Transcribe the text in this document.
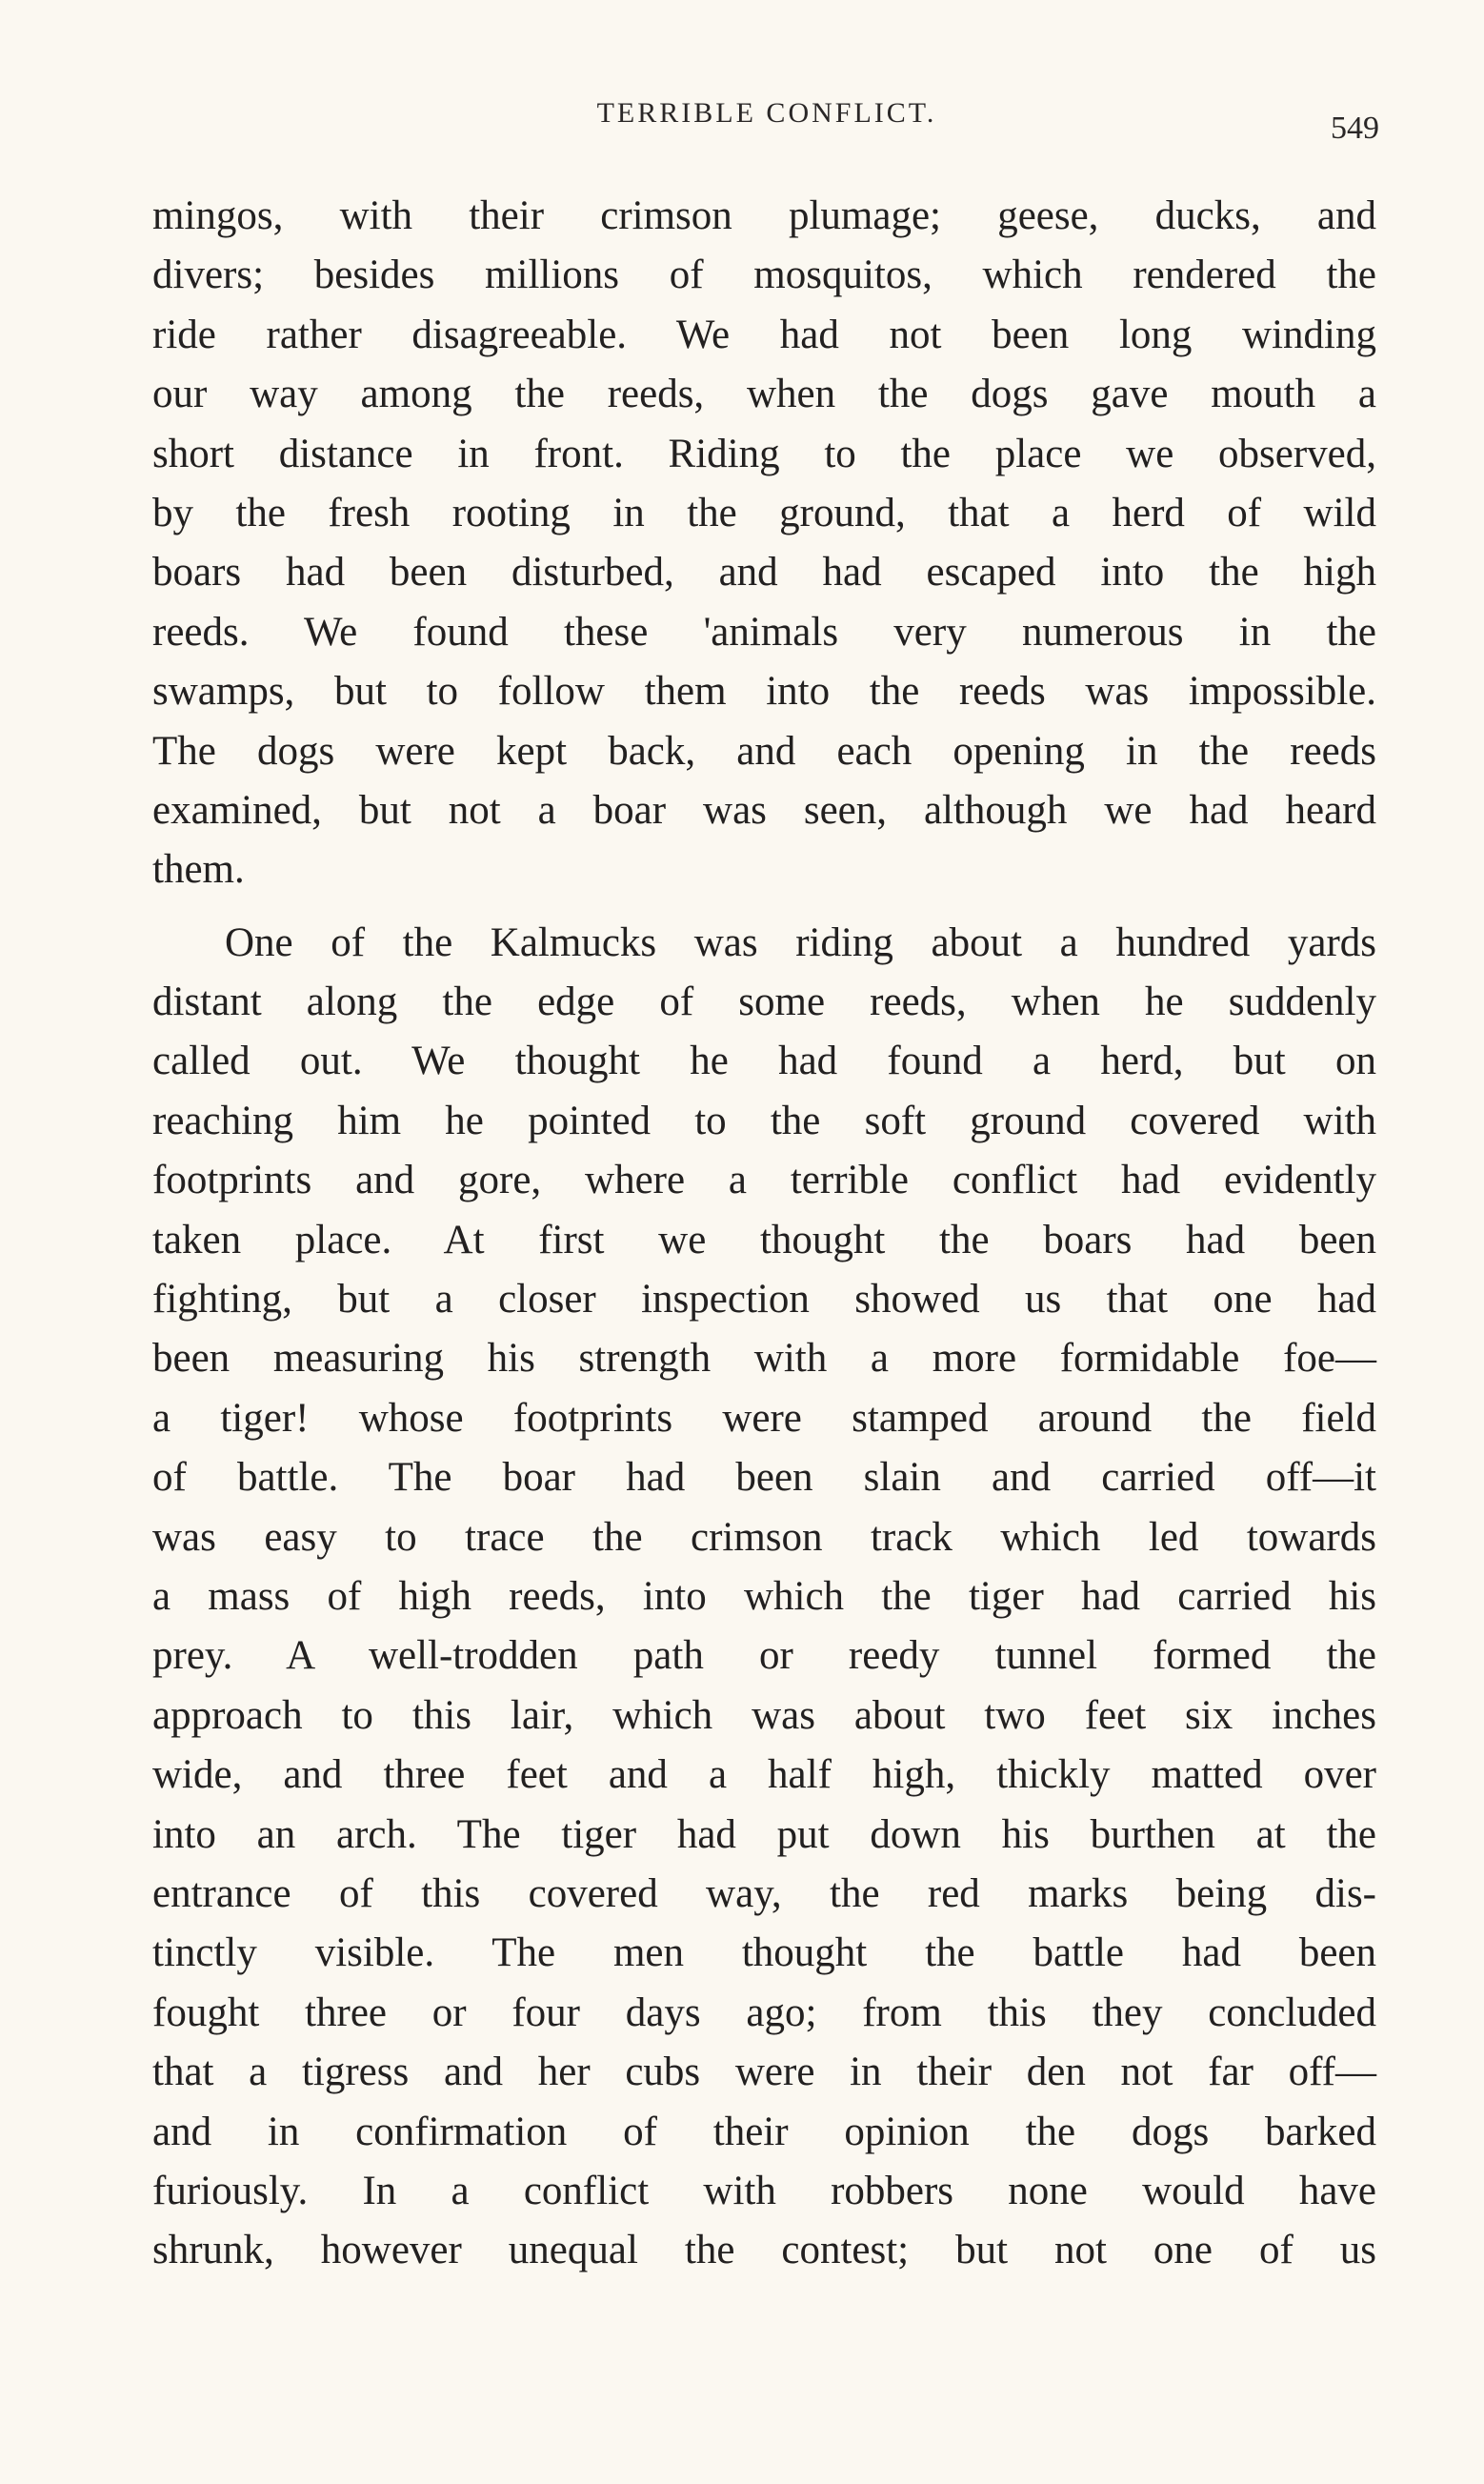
TERRIBLE CONFLICT.	549
mingos, with their crimson plumage; geese, ducks, and
divers; besides millions of mosquitos, which rendered the
ride rather disagreeable. We had not been long winding
our way among the reeds, when the dogs gave mouth a
short distance in front. Riding to the place we observed,
by the fresh rooting in the ground, that a herd of wild
boars had been disturbed, and had escaped into the high
reeds. We found these 'animals very numerous in the
swamps, but to follow them into the reeds was impossible.
The dogs were kept back, and each opening in the reeds
examined, but not a boar was seen, although we had heard
them.
One of the Kalmucks was riding about a hundred yards
distant along the edge of some reeds, when he suddenly
called out. We thought he had found a herd, but on
reaching him he pointed to the soft ground covered with
footprints and gore, where a terrible conflict had evidently
taken place. At first we thought the boars had been
fighting, but a closer inspection showed us that one had
been measuring his strength with a more formidable foe—
a tiger! whose footprints were stamped around the field
of battle. The boar had been slain and carried off—it
was easy to trace the crimson track which led towards
a mass of high reeds, into which the tiger had carried his
prey. A well-trodden path or reedy tunnel formed the
approach to this lair, which was about two feet six inches
wide, and three feet and a half high, thickly matted over
into an arch. The tiger had put down his burthen at the
entrance of this covered way, the red marks being dis-
tinctly visible. The men thought the battle had been
fought three or four days ago; from this they concluded
that a tigress and her cubs were in their den not far off—
and in confirmation of their opinion the dogs barked
furiously. In a conflict with robbers none would have
shrunk, however unequal the contest; but not one of us
